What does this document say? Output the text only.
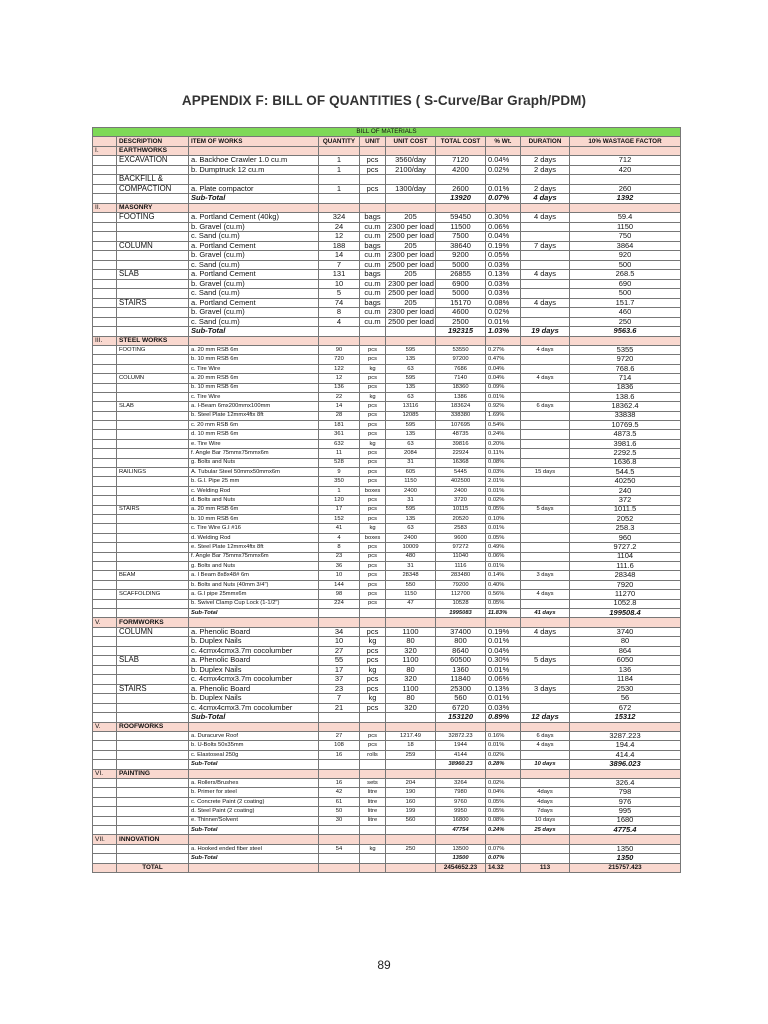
APPENDIX F: BILL OF QUANTITIES ( S-Curve/Bar Graph/PDM)
BILL OF MATERIALS									
	DESCRIPTION	ITEM OF WORKS	QUANTITY	UNIT	UNIT COST	TOTAL COST	% Wt.	DURATION	10% WASTAGE FACTOR
I.	EARTHWORKS								
	EXCAVATION	a. Backhoe Crawler 1.0 cu.m	1	pcs	3560/day	7120	0.04%	2 days	712
		b. Dumptruck 12 cu.m	1	pcs	2100/day	4200	0.02%	2 days	420
	BACKFILL &								
	COMPACTION	a. Plate compactor	1	pcs	1300/day	2600	0.01%	2 days	260
		Sub-Total				13920	0.07%	4 days	1392
II.	MASONRY								
	FOOTING	a. Portland Cement (40kg)	324	bags	205	59450	0.30%	4 days	59.4
		b. Gravel (cu.m)	24	cu.m	2300 per load	11500	0.06%		1150
		c. Sand (cu.m)	12	cu.m	2500 per load	7500	0.04%		750
	COLUMN	a. Portland Cement	188	bags	205	38640	0.19%	7 days	3864
		b. Gravel (cu.m)	14	cu.m	2300 per load	9200	0.05%		920
		c. Sand (cu.m)	7	cu.m	2500 per load	5000	0.03%		500
	SLAB	a. Portland Cement	131	bags	205	26855	0.13%	4 days	268.5
		b. Gravel (cu.m)	10	cu.m	2300 per load	6900	0.03%		690
		c. Sand (cu.m)	5	cu.m	2500 per load	5000	0.03%		500
	STAIRS	a. Portland Cement	74	bags	205	15170	0.08%	4 days	151.7
		b. Gravel (cu.m)	8	cu.m	2300 per load	4600	0.02%		460
		c. Sand (cu.m)	4	cu.m	2500 per load	2500	0.01%		250
		Sub-Total				192315	1.03%	19 days	9563.6
III.	STEEL WORKS								
	FOOTING	a. 20 mm RSB 6m	90	pcs	595	53550	0.27%	4 days	5355
		b. 10 mm RSB 6m	720	pcs	135	97200	0.47%		9720
		c. Tire Wire	122	kg	63	7686	0.04%		768.6
	COLUMN	a. 20 mm RSB 6m	12	pcs	595	7140	0.04%	4 days	714
		b. 10 mm RSB 6m	136	pcs	135	18360	0.09%		1836
		c. Tire Wire	22	kg	63	1386	0.01%		138.6
	SLAB	a. I-Beam 6mx200mmx100mm	14	pcs	13116	183624	0.92%	6 days	18362.4
		b. Steel Plate 12mmx4ftx 8ft	28	pcs	12085	338380	1.69%		33838
		c. 20 mm RSB 6m	181	pcs	595	107695	0.54%		10769.5
		d. 10 mm RSB 6m	361	pcs	135	48735	0.24%		4873.5
		e. Tire Wire	632	kg	63	39816	0.20%		3981.6
		f. Angle Bar 75mmx75mmx6m	11	pcs	2084	22924	0.11%		2292.5
		g. Bolts and Nuts	528	pcs	31	16368	0.08%		1636.8
	RAILINGS	A. Tubular Steel 50mmx50mmx6m	9	pcs	605	5445	0.03%	15 days	544.5
		b. G.I. Pipe 25 mm	350	pcs	1150	402500	2.01%		40250
		c. Welding Rod	1	boxes	2400	2400	0.01%		240
		d. Bolts and Nuts	120	pcs	31	3720	0.02%		372
	STAIRS	a. 20 mm RSB 6m	17	pcs	595	10115	0.05%	5 days	1011.5
		b. 10 mm RSB 6m	152	pcs	135	20520	0.10%		2052
		c. Tire Wire G.I #16	41	kg	63	2583	0.01%		258.3
		d. Welding Rod	4	boxes	2400	9600	0.05%		960
		e. Steel Plate 12mmx4ftx 8ft	8	pcs	10009	97272	0.49%		9727.2
		f. Angle Bar 75mmx75mmx6m	23	pcs	480	11040	0.06%		1104
		g. Bolts and Nuts	36	pcs	31	1116	0.01%		111.6
	BEAM	a. I Beam 8x8x48# 6m	10	pcs	28348	283480	0.14%	3 days	28348
		b. Bolts and Nuts (40mm 3/4")	144	pcs	550	79200	0.40%		7920
	SCAFFOLDING	a. G.I pipe 25mmx6m	98	pcs	1150	112700	0.56%	4 days	11270
		b. Swivel Clamp Cup Lock (1-1/2")	224	pcs	47	10528	0.05%		1052.8
		Sub-Total				1995083	11.83%	41 days	199508.4
V.	FORMWORKS								
	COLUMN	a. Phenolic Board	34	pcs	1100	37400	0.19%	4 days	3740
		b. Duplex Nails	10	kg	80	800	0.01%		80
		c. 4cmx4cmx3.7m cocolumber	27	pcs	320	8640	0.04%		864
	SLAB	a. Phenolic Board	55	pcs	1100	60500	0.30%	5 days	6050
		b. Duplex Nails	17	kg	80	1360	0.01%		136
		c. 4cmx4cmx3.7m cocolumber	37	pcs	320	11840	0.06%		1184
	STAIRS	a. Phenolic Board	23	pcs	1100	25300	0.13%	3 days	2530
		b. Duplex Nails	7	kg	80	560	0.01%		56
		c. 4cmx4cmx3.7m cocolumber	21	pcs	320	6720	0.03%		672
		Sub-Total				153120	0.89%	12 days	15312
V.	ROOFWORKS								
		a. Duracurve Roof	27	pcs	1217.49	32872.23	0.16%	6 days	3287.223
		b. U-Bolts 50x35mm	108	pcs	18	1944	0.01%	4 days	194.4
		c. Elastoseal 250g	16	rolls	259	4144	0.02%		414.4
		Sub-Total				38960.23	0.28%	10 days	3896.023
VI.	PAINTING								
		a. Rollers/Brushes	16	sets	204	3264	0.02%		326.4
		b. Primer for steel	42	litre	190	7980	0.04%	4days	798
		c. Concrete Paint (2 coating)	61	litre	160	9760	0.05%	4days	976
		d. Steel Paint (2 coating)	50	litre	199	9950	0.05%	7days	995
		e. Thinner/Solvent	30	litre	560	16800	0.08%	10 days	1680
		Sub-Total				47754	0.24%	25 days	4775.4
VII.	INNOVATION								
		a. Hooked ended fiber steel	54	kg	250	13500	0.07%		1350
		Sub-Total				13500	0.07%		1350
	TOTAL					2454652.23	14.32	113	215757.423
89
